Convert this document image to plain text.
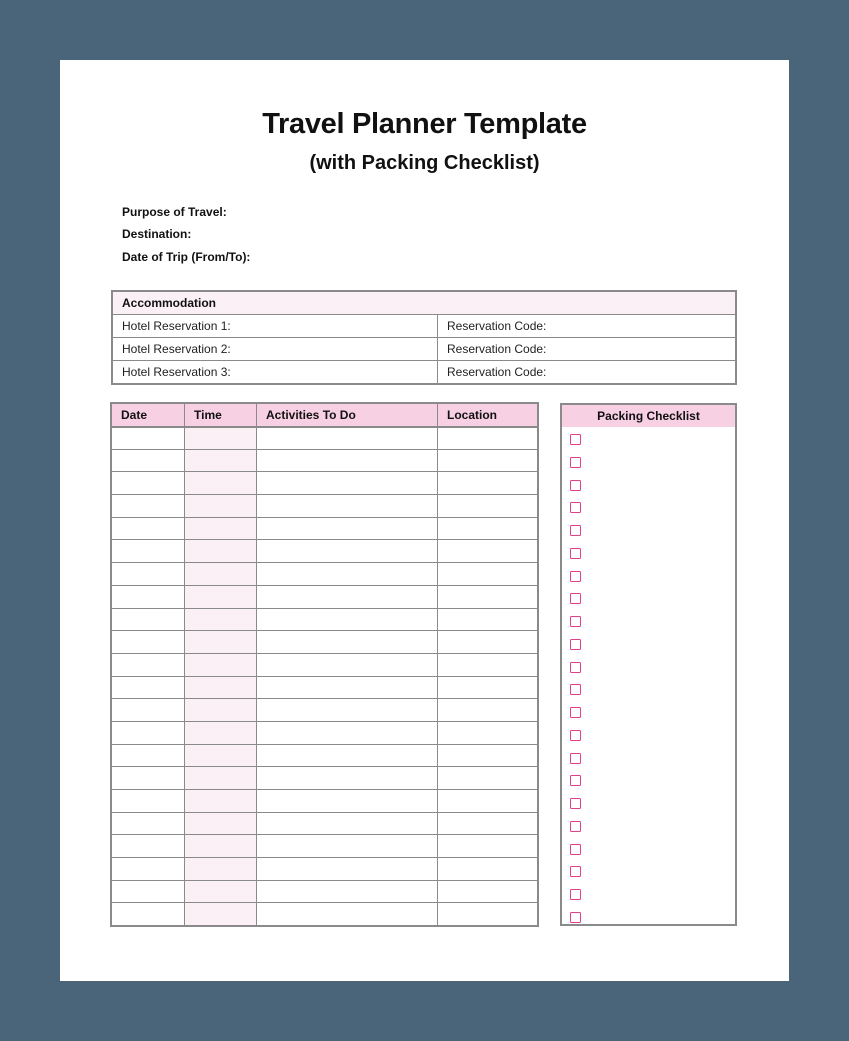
Travel Planner Template
(with Packing Checklist)
Purpose of Travel:
Destination:
Date of Trip (From/To):
Accommodation
Hotel Reservation 1:	Reservation Code:
Hotel Reservation 2:	Reservation Code:
Hotel Reservation 3:	Reservation Code:
Date	Time	Activities To Do	Location

				Packing Checklist
